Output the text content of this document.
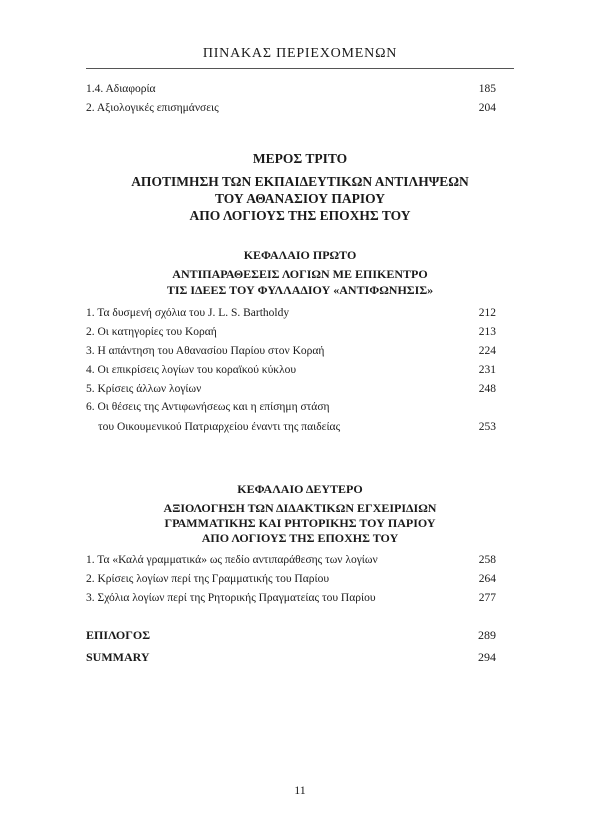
ΠΙΝΑΚΑΣ ΠΕΡΙΕΧΟΜΕΝΩΝ
1.4. Αδιαφορία	185
2. Αξιολογικές επισημάνσεις	204
ΜΕΡΟΣ ΤΡΙΤΟ
ΑΠΟΤΙΜΗΣΗ ΤΩΝ ΕΚΠΑΙΔΕΥΤΙΚΩΝ ΑΝΤΙΛΗΨΕΩΝ
ΤΟΥ ΑΘΑΝΑΣΙΟΥ ΠΑΡΙΟΥ
ΑΠΟ ΛΟΓΙΟΥΣ ΤΗΣ ΕΠΟΧΗΣ ΤΟΥ
ΚΕΦΑΛΑΙΟ ΠΡΩΤΟ
ΑΝΤΙΠΑΡΑΘΕΣΕΙΣ ΛΟΓΙΩΝ ΜΕ ΕΠΙΚΕΝΤΡΟ
ΤΙΣ ΙΔΕΕΣ ΤΟΥ ΦΥΛΛΑΔΙΟΥ «ΑΝΤΙΦΩΝΗΣΙΣ»
1. Τα δυσμενή σχόλια του J. L. S. Bartholdy	212
2. Οι κατηγορίες του Κοραή	213
3. Η απάντηση του Αθανασίου Παρίου στον Κοραή	224
4. Οι επικρίσεις λογίων του κοραϊκού κύκλου	231
5. Κρίσεις άλλων λογίων	248
6. Οι θέσεις της Αντιφωνήσεως και η επίσημη στάση
του Οικουμενικού Πατριαρχείου έναντι της παιδείας	253
ΚΕΦΑΛΑΙΟ ΔΕΥΤΕΡΟ
ΑΞΙΟΛΟΓΗΣΗ ΤΩΝ ΔΙΔΑΚΤΙΚΩΝ ΕΓΧΕΙΡΙΔΙΩΝ
ΓΡΑΜΜΑΤΙΚΗΣ ΚΑΙ ΡΗΤΟΡΙΚΗΣ ΤΟΥ ΠΑΡΙΟΥ
ΑΠΟ ΛΟΓΙΟΥΣ ΤΗΣ ΕΠΟΧΗΣ ΤΟΥ
1. Τα «Καλά γραμματικά» ως πεδίο αντιπαράθεσης των λογίων	258
2. Κρίσεις λογίων περί της Γραμματικής του Παρίου	264
3. Σχόλια λογίων περί της Ρητορικής Πραγματείας του Παρίου	277
ΕΠΙΛΟΓΟΣ	289
SUMMARY	294
11
